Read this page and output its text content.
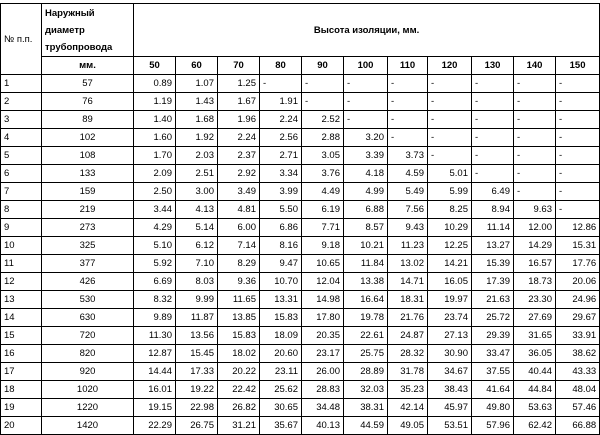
№ п.п.	Наружный
диаметр
трубопровода	Высота изоляции, мм.										
	мм.	50	60	70	80	90	100	110	120	130	140	150
1	57	0.89	1.07	1.25	-	-	-	-	-	-	-	-
2	76	1.19	1.43	1.67	1.91	-	-	-	-	-	-	-
3	89	1.40	1.68	1.96	2.24	2.52	-	-	-	-	-	-
4	102	1.60	1.92	2.24	2.56	2.88	3.20	-	-	-	-	-
5	108	1.70	2.03	2.37	2.71	3.05	3.39	3.73	-	-	-	-
6	133	2.09	2.51	2.92	3.34	3.76	4.18	4.59	5.01	-	-	-
7	159	2.50	3.00	3.49	3.99	4.49	4.99	5.49	5.99	6.49	-	-
8	219	3.44	4.13	4.81	5.50	6.19	6.88	7.56	8.25	8.94	9.63	-
9	273	4.29	5.14	6.00	6.86	7.71	8.57	9.43	10.29	11.14	12.00	12.86
10	325	5.10	6.12	7.14	8.16	9.18	10.21	11.23	12.25	13.27	14.29	15.31
11	377	5.92	7.10	8.29	9.47	10.65	11.84	13.02	14.21	15.39	16.57	17.76
12	426	6.69	8.03	9.36	10.70	12.04	13.38	14.71	16.05	17.39	18.73	20.06
13	530	8.32	9.99	11.65	13.31	14.98	16.64	18.31	19.97	21.63	23.30	24.96
14	630	9.89	11.87	13.85	15.83	17.80	19.78	21.76	23.74	25.72	27.69	29.67
15	720	11.30	13.56	15.83	18.09	20.35	22.61	24.87	27.13	29.39	31.65	33.91
16	820	12.87	15.45	18.02	20.60	23.17	25.75	28.32	30.90	33.47	36.05	38.62
17	920	14.44	17.33	20.22	23.11	26.00	28.89	31.78	34.67	37.55	40.44	43.33
18	1020	16.01	19.22	22.42	25.62	28.83	32.03	35.23	38.43	41.64	44.84	48.04
19	1220	19.15	22.98	26.82	30.65	34.48	38.31	42.14	45.97	49.80	53.63	57.46
20	1420	22.29	26.75	31.21	35.67	40.13	44.59	49.05	53.51	57.96	62.42	66.88
